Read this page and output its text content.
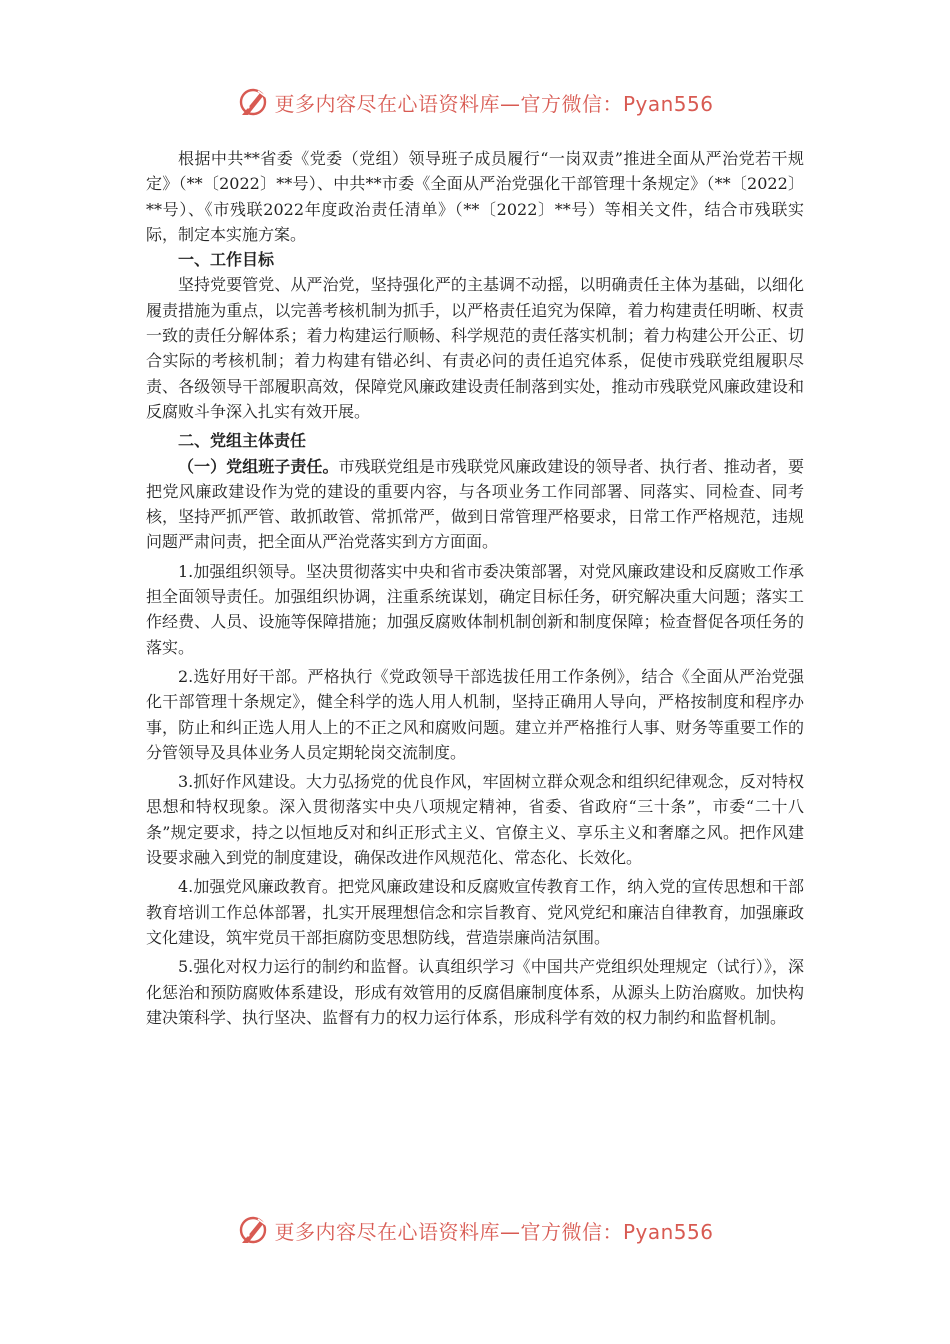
更多内容尽在心语资料库—官方微信：Pyan556

根据中共**省委《党委（党组）领导班子成员履行“一岗双责”推进全面从严治党若干规定》（**〔2022〕**号）、中共**市委《全面从严治党强化干部管理十条规定》（**〔2022〕**号）、《市残联2022年度政治责任清单》（**〔2022〕**号）等相关文件，结合市残联实际，制定本实施方案。

一、工作目标

坚持党要管党、从严治党，坚持强化严的主基调不动摇，以明确责任主体为基础，以细化履责措施为重点，以完善考核机制为抓手，以严格责任追究为保障，着力构建责任明晰、权责一致的责任分解体系；着力构建运行顺畅、科学规范的责任落实机制；着力构建公开公正、切合实际的考核机制；着力构建有错必纠、有责必问的责任追究体系，促使市残联党组履职尽责、各级领导干部履职高效，保障党风廉政建设责任制落到实处，推动市残联党风廉政建设和反腐败斗争深入扎实有效开展。

二、党组主体责任

（一）党组班子责任。市残联党组是市残联党风廉政建设的领导者、执行者、推动者，要把党风廉政建设作为党的建设的重要内容，与各项业务工作同部署、同落实、同检查、同考核，坚持严抓严管、敢抓敢管、常抓常严，做到日常管理严格要求，日常工作严格规范，违规问题严肃问责，把全面从严治党落实到方方面面。

1.加强组织领导。坚决贯彻落实中央和省市委决策部署，对党风廉政建设和反腐败工作承担全面领导责任。加强组织协调，注重系统谋划，确定目标任务，研究解决重大问题；落实工作经费、人员、设施等保障措施；加强反腐败体制机制创新和制度保障；检查督促各项任务的落实。

2.选好用好干部。严格执行《党政领导干部选拔任用工作条例》，结合《全面从严治党强化干部管理十条规定》，健全科学的选人用人机制，坚持正确用人导向，严格按制度和程序办事，防止和纠正选人用人上的不正之风和腐败问题。建立并严格推行人事、财务等重要工作的分管领导及具体业务人员定期轮岗交流制度。

3.抓好作风建设。大力弘扬党的优良作风，牢固树立群众观念和组织纪律观念，反对特权思想和特权现象。深入贯彻落实中央八项规定精神，省委、省政府“三十条”，市委“二十八条”规定要求，持之以恒地反对和纠正形式主义、官僚主义、享乐主义和奢靡之风。把作风建设要求融入到党的制度建设，确保改进作风规范化、常态化、长效化。

4.加强党风廉政教育。把党风廉政建设和反腐败宣传教育工作，纳入党的宣传思想和干部教育培训工作总体部署，扎实开展理想信念和宗旨教育、党风党纪和廉洁自律教育，加强廉政文化建设，筑牢党员干部拒腐防变思想防线，营造崇廉尚洁氛围。

5.强化对权力运行的制约和监督。认真组织学习《中国共产党组织处理规定（试行）》，深化惩治和预防腐败体系建设，形成有效管用的反腐倡廉制度体系，从源头上防治腐败。加快构建决策科学、执行坚决、监督有力的权力运行体系，形成科学有效的权力制约和监督机制。

更多内容尽在心语资料库—官方微信：Pyan556
